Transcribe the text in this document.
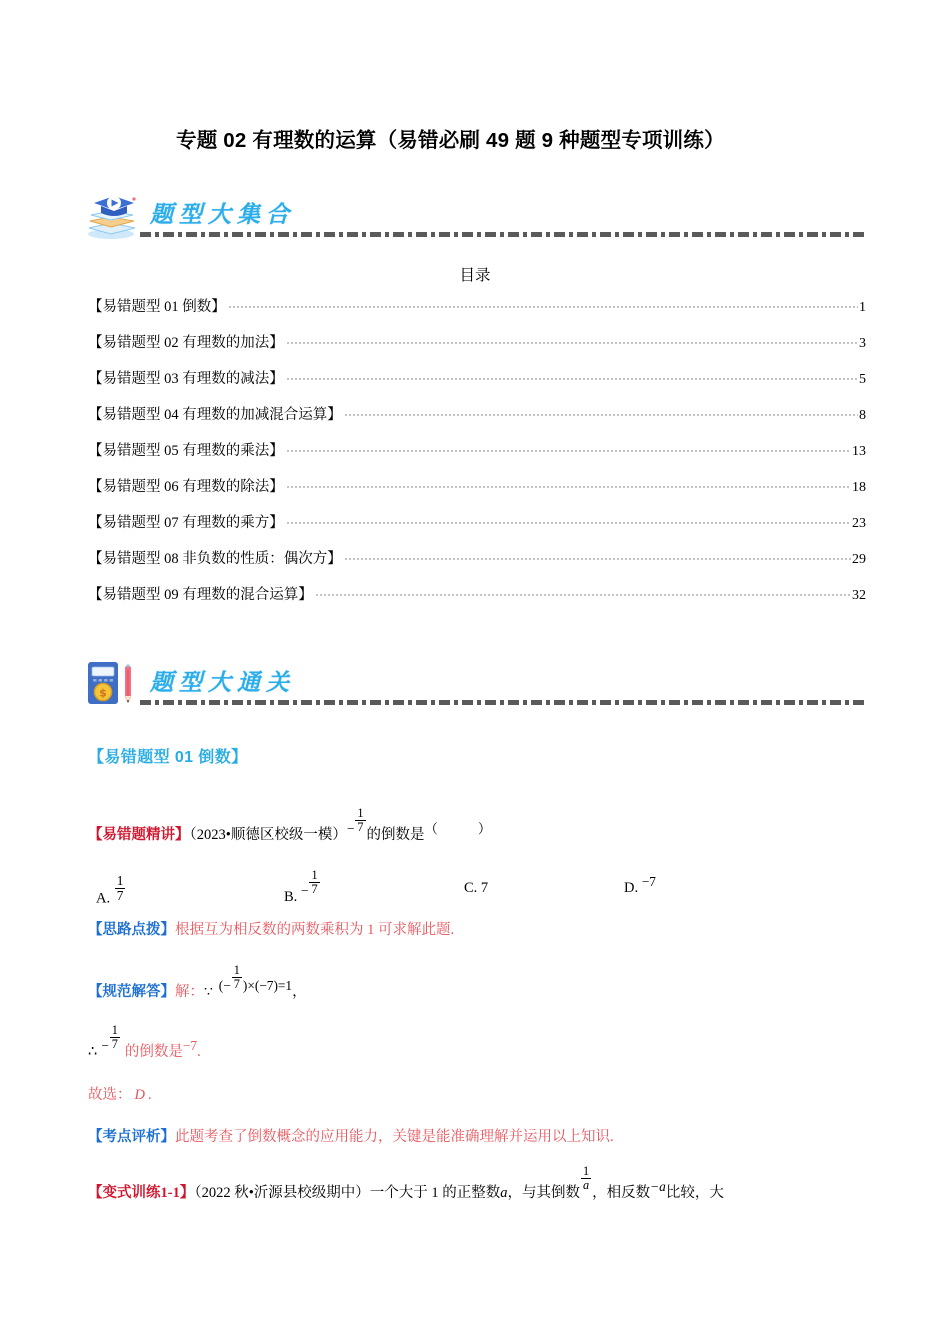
专题 02 有理数的运算（易错必刷 49 题 9 种题型专项训练）
题型大集合
目录
【易错题型 01 倒数】	1
【易错题型 02 有理数的加法】	3
【易错题型 03 有理数的减法】	5
【易错题型 04 有理数的加减混合运算】	8
【易错题型 05 有理数的乘法】	13
【易错题型 06 有理数的除法】	18
【易错题型 07 有理数的乘方】	23
【易错题型 08 非负数的性质：偶次方】	29
【易错题型 09 有理数的混合运算】	32
$ 题型大通关
【易错题型 01 倒数】
【易错题精讲】（2023•顺德区校级一模）− $\frac{1}{7}$
的倒数是（	）
A. $\frac{1}{7}$	B. − $\frac{1}{7}$	C. 7	D. −7
【思路点拨】根据互为相反数的两数乘积为 1 可求解此题.
【规范解答】解：∵ (− $\frac{1}{7} )\times(-7)=1$，
∴ − $\frac{1}{7}$
的倒数是−7.
故选： D .
【考点评析】此题考查了倒数概念的应用能力，关键是能准确理解并运用以上知识.
【变式训练1-1】（2022 秋•沂源县校级期中）一个大于 1 的正整数a，与其倒数
$\frac{1}{a}$
，相反数−a比较，大
